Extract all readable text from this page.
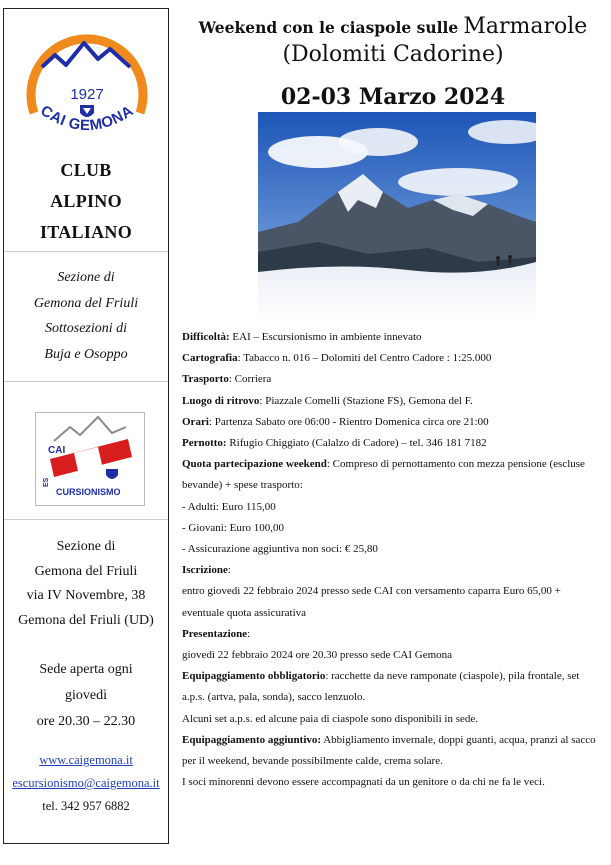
1927
CAI GEMONA
CLUB
ALPINO
ITALIANO
Sezione di
Gemona del Friuli
Sottosezioni di
Buja e Osoppo
CAI
ES
CURSIONISMO
Sezione di
Gemona del Friuli
via IV Novembre, 38
Gemona del Friuli (UD)
Sede aperta ogni
giovedì
ore 20.30 – 22.30
www.caigemona.it
escursionismo@caigemona.it
tel. 342 957 6882
Weekend con le ciaspole sulle Marmarole
(Dolomiti Cadorine)
02-03 Marzo 2024

Difficoltà: EAI – Escursionismo in ambiente innevato

Cartografia: Tabacco n. 016 – Dolomiti del Centro Cadore : 1:25.000

Trasporto: Corriera

Luogo di ritrovo: Piazzale Comelli (Stazione FS), Gemona del F.

Orari: Partenza Sabato ore 06:00 - Rientro Domenica circa ore 21:00

Pernotto: Rifugio Chiggiato (Calalzo di Cadore) – tel. 346 181 7182

Quota partecipazione weekend: Compreso di pernottamento con mezza pensione (escluse bevande) + spese trasporto:

- Adulti: Euro 115,00

- Giovani: Euro 100,00

- Assicurazione aggiuntiva non soci: € 25,80

Iscrizione:

entro giovedì 22 febbraio 2024 presso sede CAI con versamento caparra Euro 65,00 + eventuale quota assicurativa

Presentazione:

giovedì 22 febbraio 2024 ore 20.30 presso sede CAI Gemona

Equipaggiamento obbligatorio: racchette da neve ramponate (ciaspole), pila frontale, set a.p.s. (artva, pala, sonda), sacco lenzuolo.

Alcuni set a.p.s. ed alcune paia di ciaspole sono disponibili in sede.

Equipaggiamento aggiuntivo: Abbigliamento invernale, doppi guanti, acqua, pranzi al sacco per il weekend, bevande possibilmente calde, crema solare.

I soci minorenni devono essere accompagnati da un genitore o da chi ne fa le veci.
